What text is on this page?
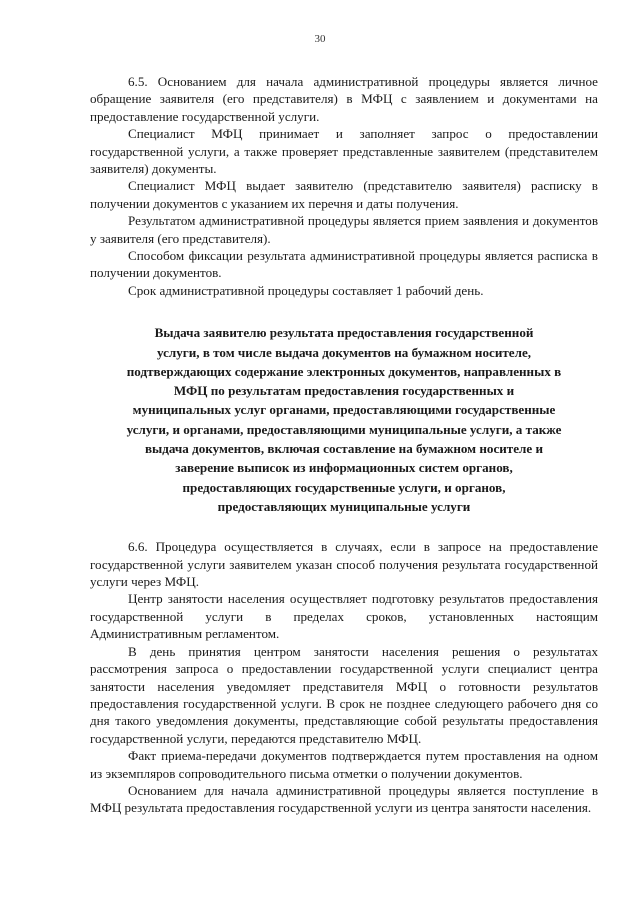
30

6.5. Основанием для начала административной процедуры является личное обращение заявителя (его представителя) в МФЦ с заявлением и документами на предоставление государственной услуги.

Специалист МФЦ принимает и заполняет запрос о предоставлении государственной услуги, а также проверяет представленные заявителем (представителем заявителя) документы.

Специалист МФЦ выдает заявителю (представителю заявителя) расписку в получении документов с указанием их перечня и даты получения.

Результатом административной процедуры является прием заявления и документов у заявителя (его представителя).

Способом фиксации результата административной процедуры является расписка в получении документов.

Срок административной процедуры составляет 1 рабочий день.

Выдача заявителю результата предоставления государственной
услуги, в том числе выдача документов на бумажном носителе,
подтверждающих содержание электронных документов, направленных в
МФЦ по результатам предоставления государственных и
муниципальных услуг органами, предоставляющими государственные
услуги, и органами, предоставляющими муниципальные услуги, а также
выдача документов, включая составление на бумажном носителе и
заверение выписок из информационных систем органов,
предоставляющих государственные услуги, и органов,
предоставляющих муниципальные услуги

6.6. Процедура осуществляется в случаях, если в запросе на предоставление государственной услуги заявителем указан способ получения результата государственной услуги через МФЦ.

Центр занятости населения осуществляет подготовку результатов предоставления государственной услуги в пределах сроков, установленных настоящим Административным регламентом.

В день принятия центром занятости населения решения о результатах рассмотрения запроса о предоставлении государственной услуги специалист центра занятости населения уведомляет представителя МФЦ о готовности результатов предоставления государственной услуги. В срок не позднее следующего рабочего дня со дня такого уведомления документы, представляющие собой результаты предоставления государственной услуги, передаются представителю МФЦ.

Факт приема-передачи документов подтверждается путем проставления на одном из экземпляров сопроводительного письма отметки о получении документов.

Основанием для начала административной процедуры является поступление в МФЦ результата предоставления государственной услуги из центра занятости населения.
